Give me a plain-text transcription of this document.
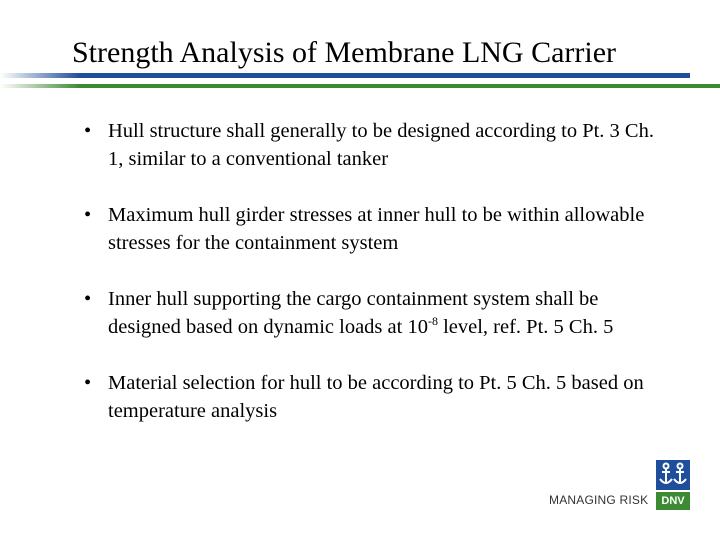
Strength Analysis of Membrane LNG Carrier
• Hull structure shall generally to be designed according to Pt. 3 Ch. 1, similar to a conventional tanker
• Maximum hull girder stresses at inner hull to be within allowable stresses for the containment system
• Inner hull supporting the cargo containment system shall be designed based on dynamic loads at $10^{-8}$ level, ref. Pt. 5 Ch. 5
• Material selection for hull to be according to Pt. 5 Ch. 5 based on temperature analysis
MANAGING RISK	DNV
